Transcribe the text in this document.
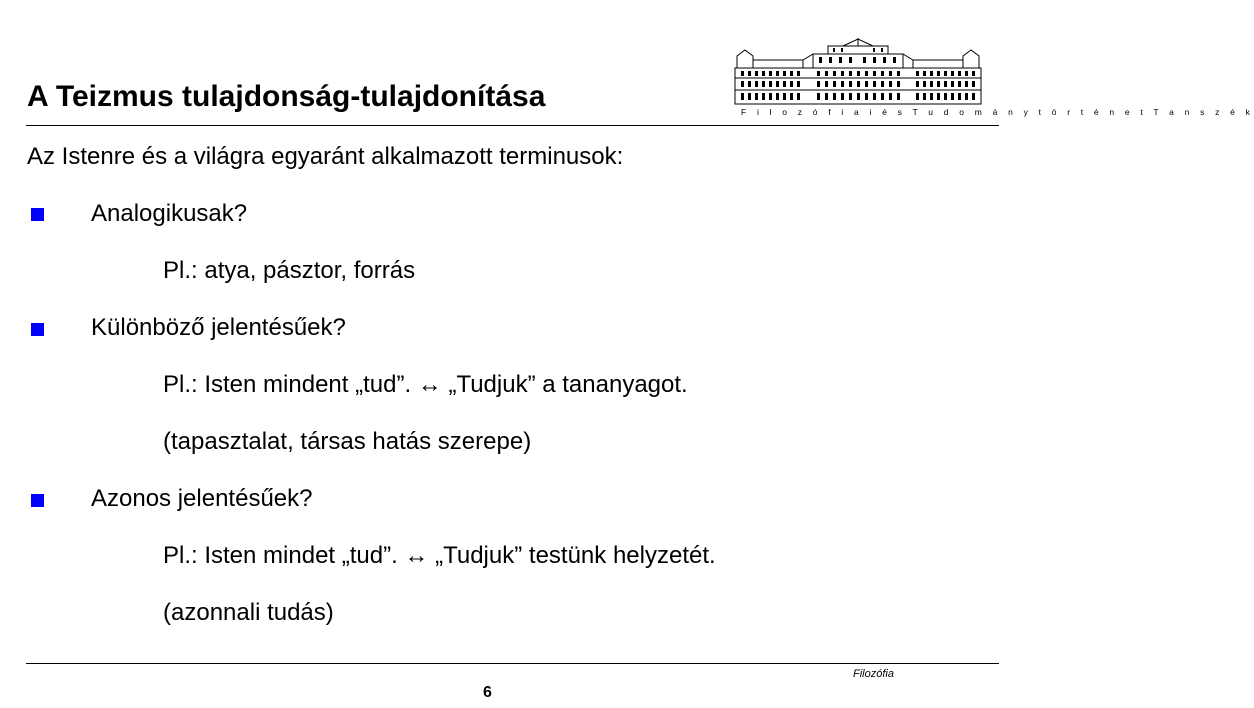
A Teizmus tulajdonság-tulajdonítása	F i l o z ó f i a i é s T u d o m á n y t ö r t é n e t T a n s z é k
Az Istenre és a világra egyaránt alkalmazott terminusok:
Analogikusak?
Pl.: atya, pásztor, forrás
Különböző jelentésűek?
Pl.: Isten mindent „tud”. ↔ „Tudjuk” a tananyagot.
(tapasztalat, társas hatás szerepe)
Azonos jelentésűek?
Pl.: Isten mindet „tud”. ↔ „Tudjuk” testünk helyzetét.
(azonnali tudás)
Filozófia
6
